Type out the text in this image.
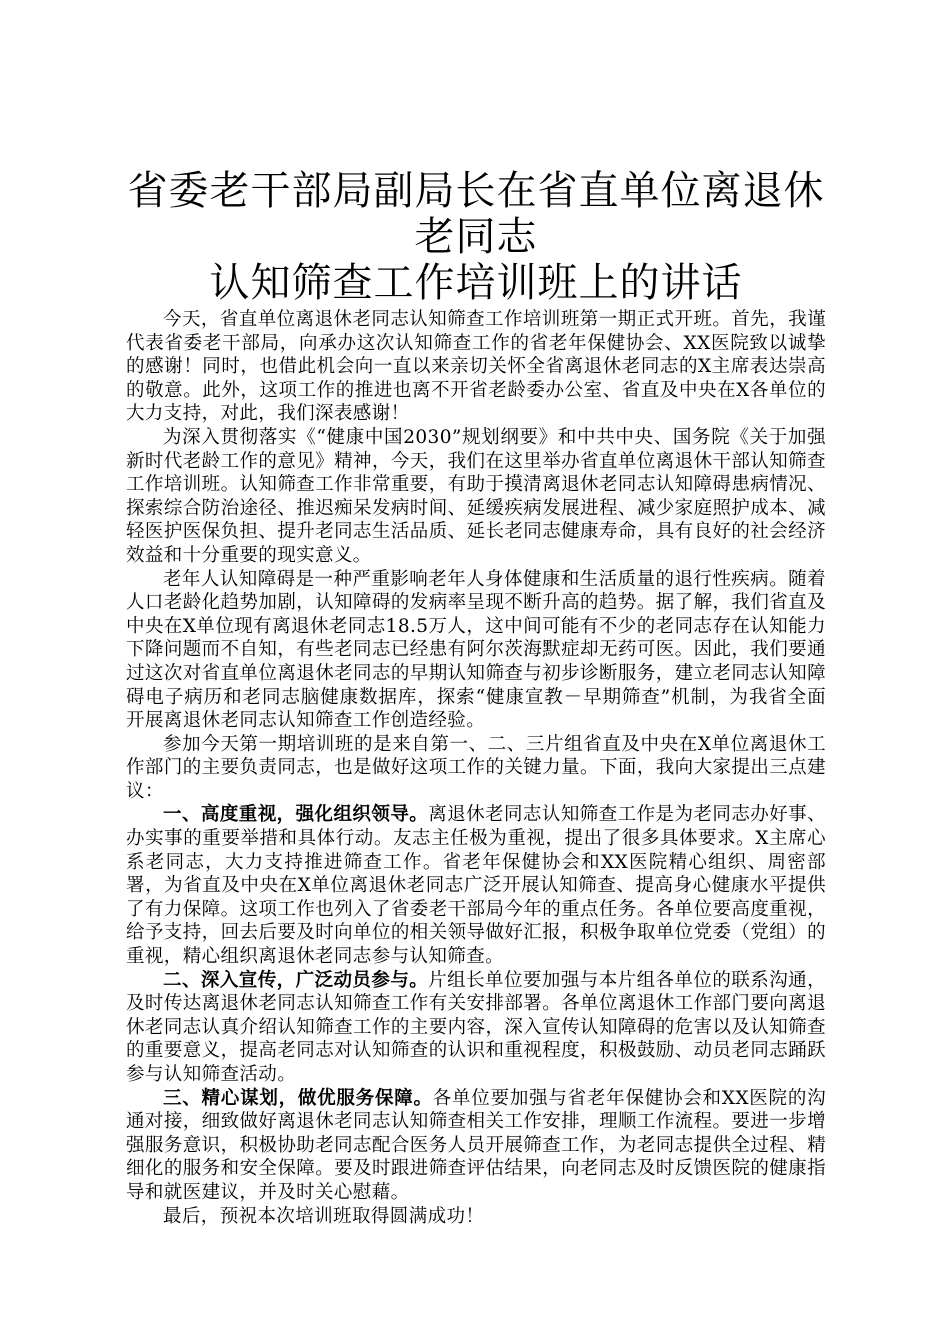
省委老干部局副局长在省直单位离退休老同志
认知筛查工作培训班上的讲话

今天，省直单位离退休老同志认知筛查工作培训班第一期正式开班。首先，我谨代表省委老干部局，向承办这次认知筛查工作的省老年保健协会、XX医院致以诚挚的感谢！同时，也借此机会向一直以来亲切关怀全省离退休老同志的X主席表达崇高的敬意。此外，这项工作的推进也离不开省老龄委办公室、省直及中央在X各单位的大力支持，对此，我们深表感谢！

为深入贯彻落实《“健康中国2030”规划纲要》和中共中央、国务院《关于加强新时代老龄工作的意见》精神，今天，我们在这里举办省直单位离退休干部认知筛查工作培训班。认知筛查工作非常重要，有助于摸清离退休老同志认知障碍患病情况、探索综合防治途径、推迟痴呆发病时间、延缓疾病发展进程、减少家庭照护成本、减轻医护医保负担、提升老同志生活品质、延长老同志健康寿命，具有良好的社会经济效益和十分重要的现实意义。

老年人认知障碍是一种严重影响老年人身体健康和生活质量的退行性疾病。随着人口老龄化趋势加剧，认知障碍的发病率呈现不断升高的趋势。据了解，我们省直及中央在X单位现有离退休老同志18.5万人，这中间可能有不少的老同志存在认知能力下降问题而不自知，有些老同志已经患有阿尔茨海默症却无药可医。因此，我们要通过这次对省直单位离退休老同志的早期认知筛查与初步诊断服务，建立老同志认知障碍电子病历和老同志脑健康数据库，探索“健康宣教－早期筛查”机制，为我省全面开展离退休老同志认知筛查工作创造经验。

参加今天第一期培训班的是来自第一、二、三片组省直及中央在X单位离退休工作部门的主要负责同志，也是做好这项工作的关键力量。下面，我向大家提出三点建议：

一、高度重视，强化组织领导。离退休老同志认知筛查工作是为老同志办好事、办实事的重要举措和具体行动。友志主任极为重视，提出了很多具体要求。X主席心系老同志，大力支持推进筛查工作。省老年保健协会和XX医院精心组织、周密部署，为省直及中央在X单位离退休老同志广泛开展认知筛查、提高身心健康水平提供了有力保障。这项工作也列入了省委老干部局今年的重点任务。各单位要高度重视，给予支持，回去后要及时向单位的相关领导做好汇报，积极争取单位党委（党组）的重视，精心组织离退休老同志参与认知筛查。

二、深入宣传，广泛动员参与。片组长单位要加强与本片组各单位的联系沟通，及时传达离退休老同志认知筛查工作有关安排部署。各单位离退休工作部门要向离退休老同志认真介绍认知筛查工作的主要内容，深入宣传认知障碍的危害以及认知筛查的重要意义，提高老同志对认知筛查的认识和重视程度，积极鼓励、动员老同志踊跃参与认知筛查活动。

三、精心谋划，做优服务保障。各单位要加强与省老年保健协会和XX医院的沟通对接，细致做好离退休老同志认知筛查相关工作安排，理顺工作流程。要进一步增强服务意识，积极协助老同志配合医务人员开展筛查工作，为老同志提供全过程、精细化的服务和安全保障。要及时跟进筛查评估结果，向老同志及时反馈医院的健康指导和就医建议，并及时关心慰藉。

最后，预祝本次培训班取得圆满成功！
